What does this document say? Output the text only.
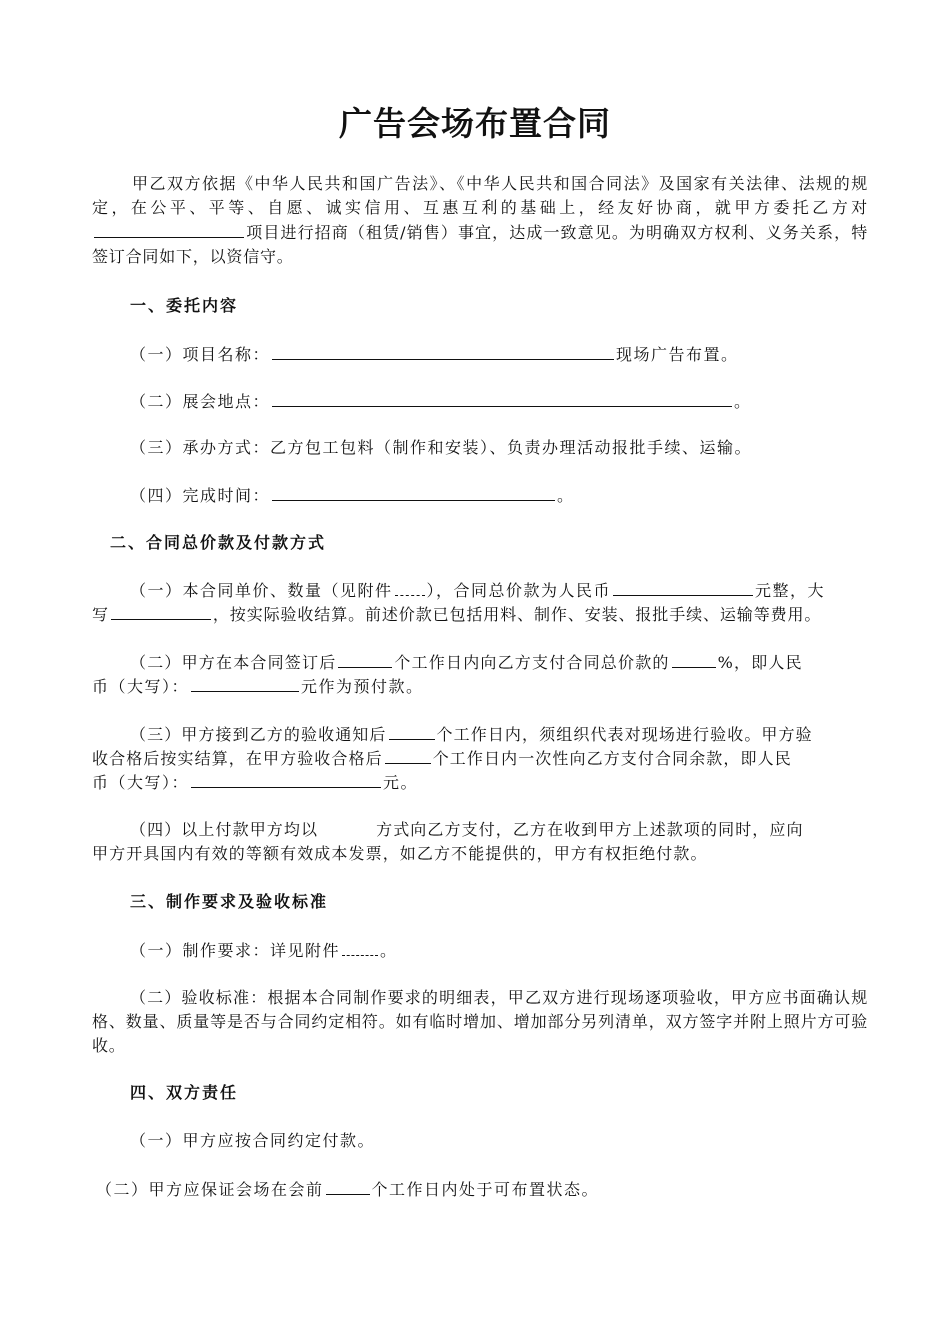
广告会场布置合同
甲乙双方依据《中华人民共和国广告法》、《中华人民共和国合同法》及国家有关法律、法规的规定，在公平、平等、自愿、诚实信用、互惠互利的基础上，经友好协商，就甲方委托乙方对项目进行招商（租赁/销售）事宜，达成一致意见。为明确双方权利、义务关系，特签订合同如下，以资信守。
一、委托内容
（一）项目名称：	现场广告布置。
（二）展会地点：	。
（三）承办方式：乙方包工包料（制作和安装）、负责办理活动报批手续、运输。
（四）完成时间：	。
二、合同总价款及付款方式
（一）本合同单价、数量（见附件 ），合同总价款为人民币	元整，大
写	，按实际验收结算。前述价款已包括用料、制作、安装、报批手续、运输等费用。
（二）甲方在本合同签订后	个工作日内向乙方支付合同总价款的	%，即人民
币（大写）：	元作为预付款。
（三）甲方接到乙方的验收通知后	个工作日内，须组织代表对现场进行验收。甲方验
收合格后按实结算，在甲方验收合格后	个工作日内一次性向乙方支付合同余款，即人民
币（大写）：	元。
（四）以上付款甲方均以	方式向乙方支付，乙方在收到甲方上述款项的同时，应向
甲方开具国内有效的等额有效成本发票，如乙方不能提供的，甲方有权拒绝付款。
三、制作要求及验收标准
（一）制作要求：详见附件	。
（二）验收标准：根据本合同制作要求的明细表，甲乙双方进行现场逐项验收，甲方应书面确认规格、数量、质量等是否与合同约定相符。如有临时增加、增加部分另列清单，双方签字并附上照片方可验收。
四、双方责任
（一）甲方应按合同约定付款。
（二）甲方应保证会场在会前	个工作日内处于可布置状态。
